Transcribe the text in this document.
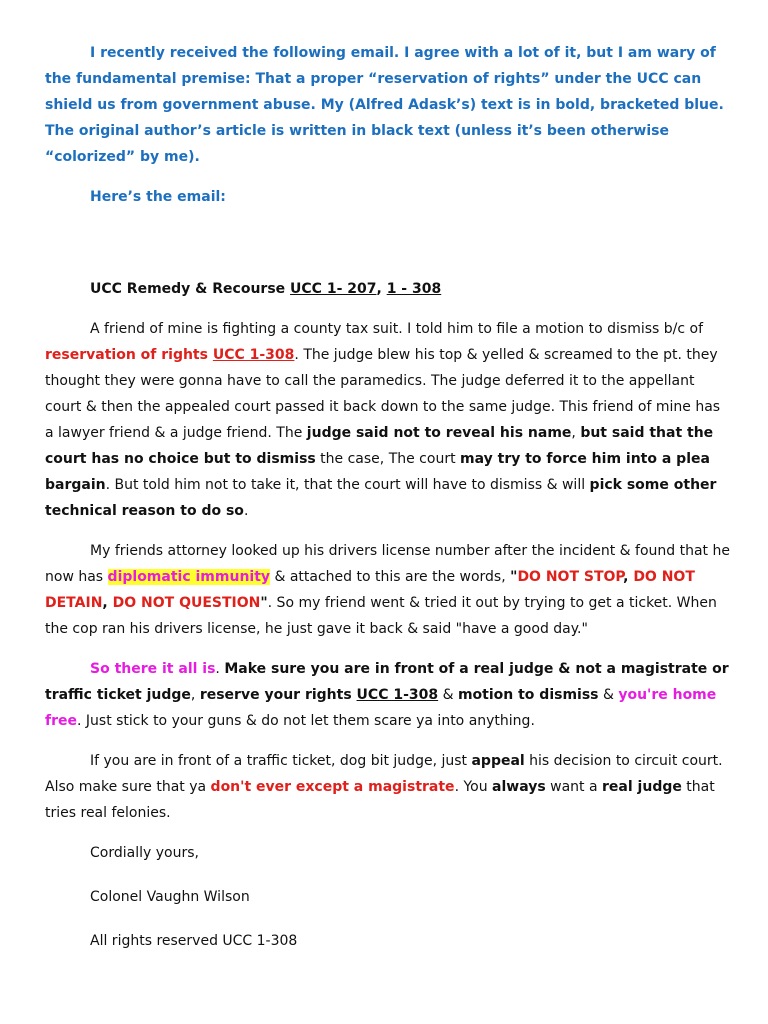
I recently received the following email. I agree with a lot of it, but I am wary of the fundamental premise: That a proper “reservation of rights” under the UCC can shield us from government abuse. My (Alfred Adask’s) text is in bold, bracketed blue. The original author’s article is written in black text (unless it’s been otherwise “colorized” by me).

Here’s the email:

UCC Remedy & Recourse UCC 1- 207, 1 - 308

A friend of mine is fighting a county tax suit. I told him to file a motion to dismiss b/c of reservation of rights UCC 1-308. The judge blew his top & yelled & screamed to the pt. they thought they were gonna have to call the paramedics. The judge deferred it to the appellant court & then the appealed court passed it back down to the same judge. This friend of mine has a lawyer friend & a judge friend. The judge said not to reveal his name, but said that the court has no choice but to dismiss the case, The court may try to force him into a plea bargain. But told him not to take it, that the court will have to dismiss & will pick some other technical reason to do so.

My friends attorney looked up his drivers license number after the incident & found that he now has diplomatic immunity & attached to this are the words, "DO NOT STOP, DO NOT DETAIN, DO NOT QUESTION". So my friend went & tried it out by trying to get a ticket. When the cop ran his drivers license, he just gave it back & said "have a good day."

So there it all is. Make sure you are in front of a real judge & not a magistrate or traffic ticket judge, reserve your rights UCC 1-308 & motion to dismiss & you're home free. Just stick to your guns & do not let them scare ya into anything.

If you are in front of a traffic ticket, dog bit judge, just appeal his decision to circuit court. Also make sure that ya don't ever except a magistrate. You always want a real judge that tries real felonies.

Cordially yours,

Colonel Vaughn Wilson

All rights reserved UCC 1-308
